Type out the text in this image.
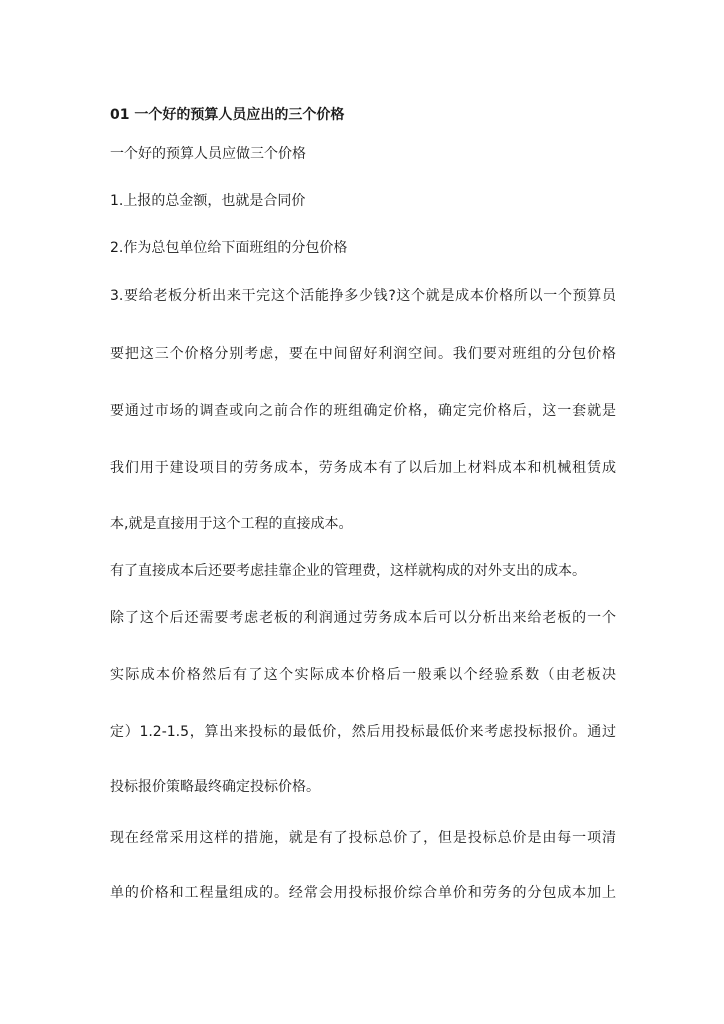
01 一个好的预算人员应出的三个价格
一个好的预算人员应做三个价格
1.上报的总金额，也就是合同价
2.作为总包单位给下面班组的分包价格
3.要给老板分析出来干完这个活能挣多少钱?这个就是成本价格所以一个预算员
要把这三个价格分别考虑，要在中间留好利润空间。我们要对班组的分包价格
要通过市场的调查或向之前合作的班组确定价格，确定完价格后，这一套就是
我们用于建设项目的劳务成本，劳务成本有了以后加上材料成本和机械租赁成
本,就是直接用于这个工程的直接成本。
有了直接成本后还要考虑挂靠企业的管理费，这样就构成的对外支出的成本。
除了这个后还需要考虑老板的利润通过劳务成本后可以分析出来给老板的一个
实际成本价格然后有了这个实际成本价格后一般乘以个经验系数（由老板决
定）1.2-1.5，算出来投标的最低价，然后用投标最低价来考虑投标报价。通过
投标报价策略最终确定投标价格。
现在经常采用这样的措施，就是有了投标总价了，但是投标总价是由每一项清
单的价格和工程量组成的。经常会用投标报价综合单价和劳务的分包成本加上
